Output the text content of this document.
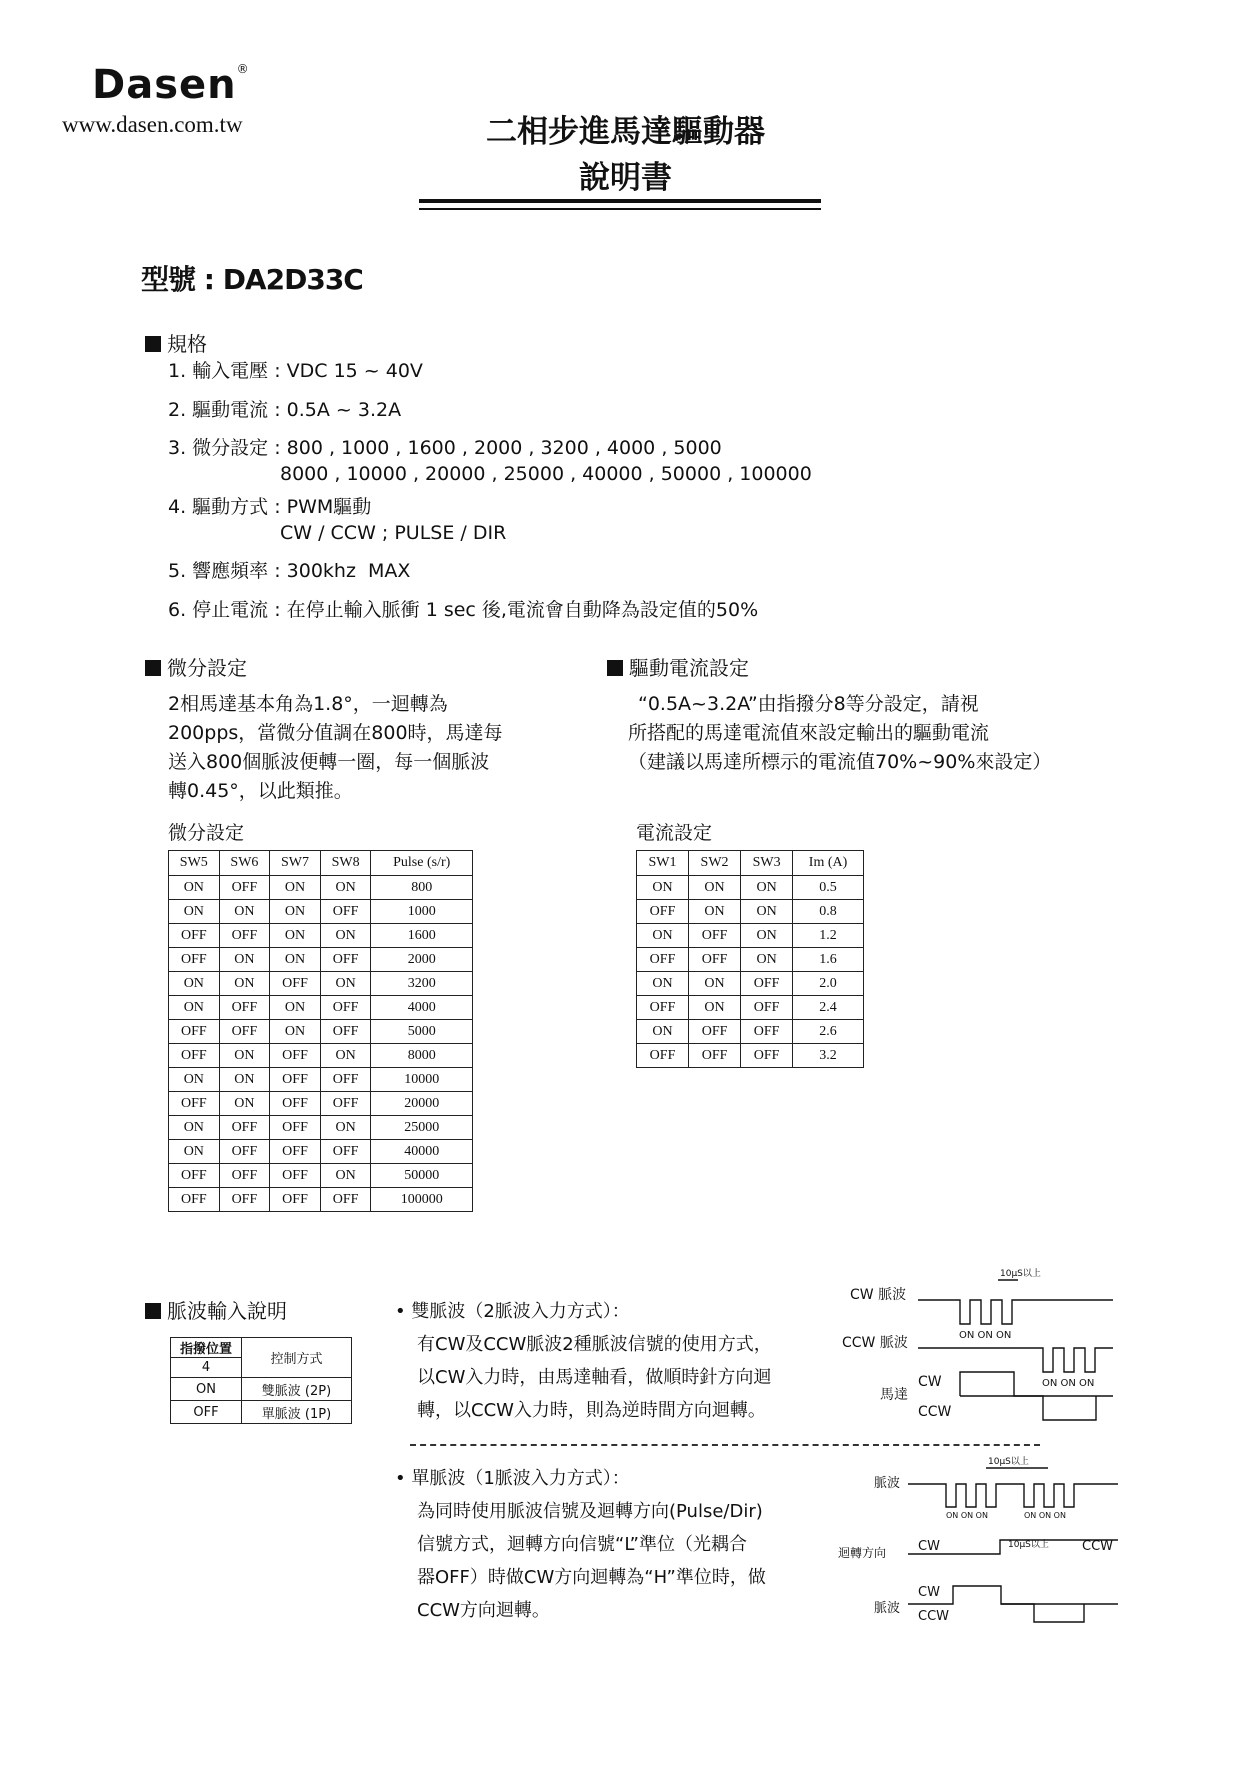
Dasen®
www.dasen.com.tw	二相步進馬達驅動器
說明書
型號 : DA2D33C
規格
1. 輸入電壓 : VDC 15 ~ 40V
2. 驅動電流 : 0.5A ~ 3.2A
3. 微分設定 : 800 , 1000 , 1600 , 2000 , 3200 , 4000 , 5000
8000 , 10000 , 20000 , 25000 , 40000 , 50000 , 100000
4. 驅動方式 : PWM驅動
CW / CCW ; PULSE / DIR
5. 響應頻率 : 300khz  MAX
6. 停止電流 : 在停止輸入脈衝 1 sec 後,電流會自動降為設定值的50%
微分設定
2相馬達基本角為1.8°，一迴轉為
200pps，當微分值調在800時，馬達每
送入800個脈波便轉一圈，每一個脈波
轉0.45°，以此類推。
微分設定
SW5	SW6	SW7	SW8	Pulse (s/r)
ON	OFF	ON	ON	800
ON	ON	ON	OFF	1000
OFF	OFF	ON	ON	1600
OFF	ON	ON	OFF	2000
ON	ON	OFF	ON	3200
ON	OFF	ON	OFF	4000
OFF	OFF	ON	OFF	5000
OFF	ON	OFF	ON	8000
ON	ON	OFF	OFF	10000
OFF	ON	OFF	OFF	20000
ON	OFF	OFF	ON	25000
ON	OFF	OFF	OFF	40000
OFF	OFF	OFF	ON	50000
OFF	OFF	OFF	OFF	100000
驅動電流設定
“0.5A~3.2A”由指撥分8等分設定，請視
所搭配的馬達電流值來設定輸出的驅動電流
（建議以馬達所標示的電流值70%~90%來設定）
電流設定
SW1	SW2	SW3	Im (A)
ON	ON	ON	0.5
OFF	ON	ON	0.8
ON	OFF	ON	1.2
OFF	OFF	ON	1.6
ON	ON	OFF	2.0
OFF	ON	OFF	2.4
ON	OFF	OFF	2.6
OFF	OFF	OFF	3.2
脈波輸入說明
指撥位置	控制方式
4	
ON	雙脈波 (2P)
OFF	單脈波 (1P)
• 雙脈波（2脈波入力方式）：
有CW及CCW脈波2種脈波信號的使用方式，
以CW入力時，由馬達軸看，做順時針方向迴
轉，以CCW入力時，則為逆時間方向迴轉。
• 單脈波（1脈波入力方式）：
為同時使用脈波信號及迴轉方向(Pulse/Dir)
信號方式，迴轉方向信號“L”準位（光耦合
器OFF）時做CW方向迴轉為“H”準位時，做
CCW方向迴轉。
10μS以上
CW 脈波
ON ON ON
CCW 脈波
ON ON ON
CW
馬達
CCW
10μS以上
脈波
ON ON ON	ON ON ON
迴轉方向 CW	10μS以上	CCW
CW
脈波
CCW
